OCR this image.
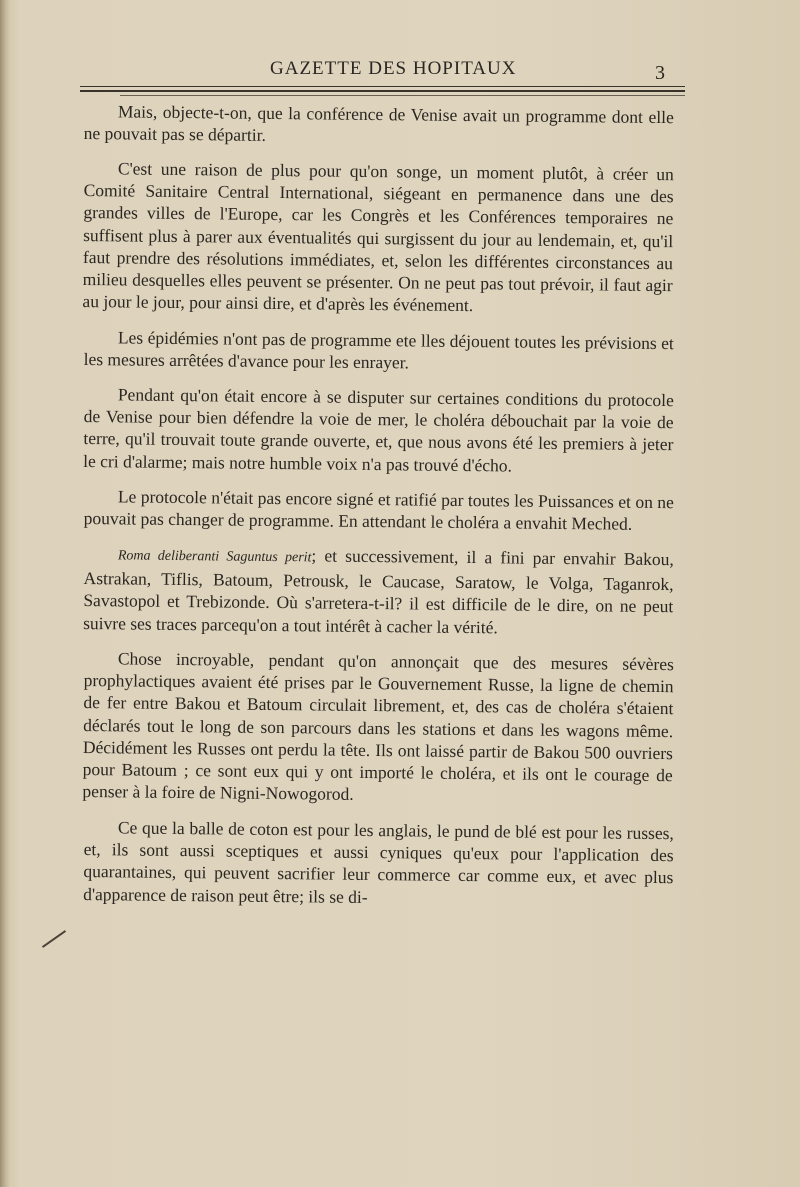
GAZETTE DES HOPITAUX	3

Mais, objecte-t-on, que la conférence de Venise avait un programme dont elle ne pouvait pas se départir.

C'est une raison de plus pour qu'on songe, un moment plutôt, à créer un Comité Sanitaire Central International, siégeant en permanence dans une des grandes villes de l'Europe, car les Congrès et les Conférences temporaires ne suffisent plus à parer aux éventualités qui surgissent du jour au lendemain, et, qu'il faut prendre des résolutions immédiates, et, selon les différentes circonstances au milieu desquelles elles peuvent se présenter. On ne peut pas tout prévoir, il faut agir au jour le jour, pour ainsi dire, et d'après les événement.

Les épidémies n'ont pas de programme ete lles déjouent toutes les prévisions et les mesures arrêtées d'avance pour les enrayer.

Pendant qu'on était encore à se disputer sur certaines conditions du protocole de Venise pour bien défendre la voie de mer, le choléra débouchait par la voie de terre, qu'il trouvait toute grande ouverte, et, que nous avons été les premiers à jeter le cri d'alarme; mais notre humble voix n'a pas trouvé d'écho.

Le protocole n'était pas encore signé et ratifié par toutes les Puissances et on ne pouvait pas changer de programme. En attendant le choléra a envahit Meched.

Roma deliberanti Saguntus perit; et successivement, il a fini par envahir Bakou, Astrakan, Tiflis, Batoum, Petrousk, le Caucase, Saratow, le Volga, Taganrok, Savastopol et Trebizonde. Où s'arretera-t-il? il est difficile de le dire, on ne peut suivre ses traces parcequ'on a tout intérêt à cacher la vérité.

Chose incroyable, pendant qu'on annonçait que des mesures sévères prophylactiques avaient été prises par le Gouvernement Russe, la ligne de chemin de fer entre Bakou et Batoum circulait librement, et, des cas de choléra s'étaient déclarés tout le long de son parcours dans les stations et dans les wagons même. Décidément les Russes ont perdu la tête. Ils ont laissé partir de Bakou 500 ouvriers pour Batoum ; ce sont eux qui y ont importé le choléra, et ils ont le courage de penser à la foire de Nigni-Nowogorod.

Ce que la balle de coton est pour les anglais, le pund de blé est pour les russes, et, ils sont aussi sceptiques et aussi cyniques qu'eux pour l'application des quarantaines, qui peuvent sacrifier leur commerce car comme eux, et avec plus d'apparence de raison peut être; ils se di-
